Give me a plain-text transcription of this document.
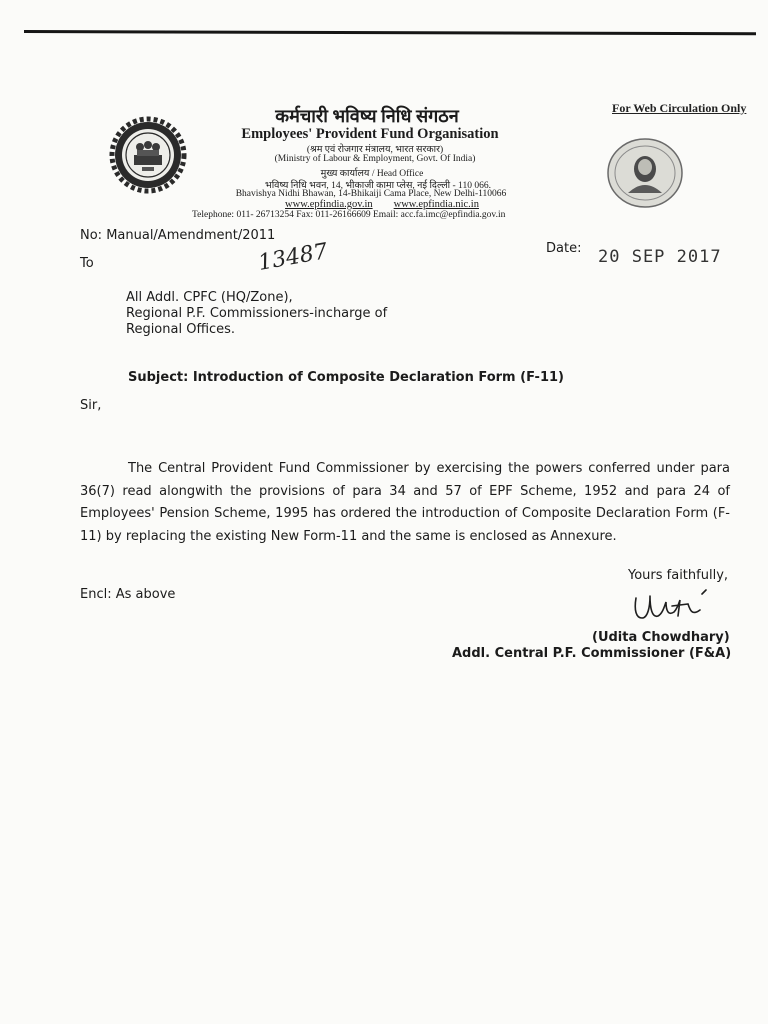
For Web Circulation Only
कर्मचारी भविष्य निधि संगठन
Employees' Provident Fund Organisation
(श्रम एवं रोजगार मंत्रालय, भारत सरकार)
(Ministry of Labour & Employment, Govt. Of India)
मुख्य कार्यालय / Head Office
भविष्य निधि भवन, 14, भीकाजी कामा प्लेस, नई दिल्ली - 110 066.
Bhavishya Nidhi Bhawan, 14-Bhikaiji Cama Place, New Delhi-110066
www.epfindia.gov.in www.epfindia.nic.in
Telephone: 011- 26713254 Fax: 011-26166609 Email: acc.fa.imc@epfindia.gov.in
No: Manual/Amendment/2011
13487	Date: 20 SEP 2017
To
All Addl. CPFC (HQ/Zone),
Regional P.F. Commissioners-incharge of
Regional Offices.
Subject: Introduction of Composite Declaration Form (F-11)
Sir,
The Central Provident Fund Commissioner by exercising the powers conferred under para 36(7) read alongwith the provisions of para 34 and 57 of EPF Scheme, 1952 and para 24 of Employees' Pension Scheme, 1995 has ordered the introduction of Composite Declaration Form (F-11) by replacing the existing New Form-11 and the same is enclosed as Annexure.
Yours faithfully,
Encl: As above
(Udita Chowdhary)
Addl. Central P.F. Commissioner (F&A)
